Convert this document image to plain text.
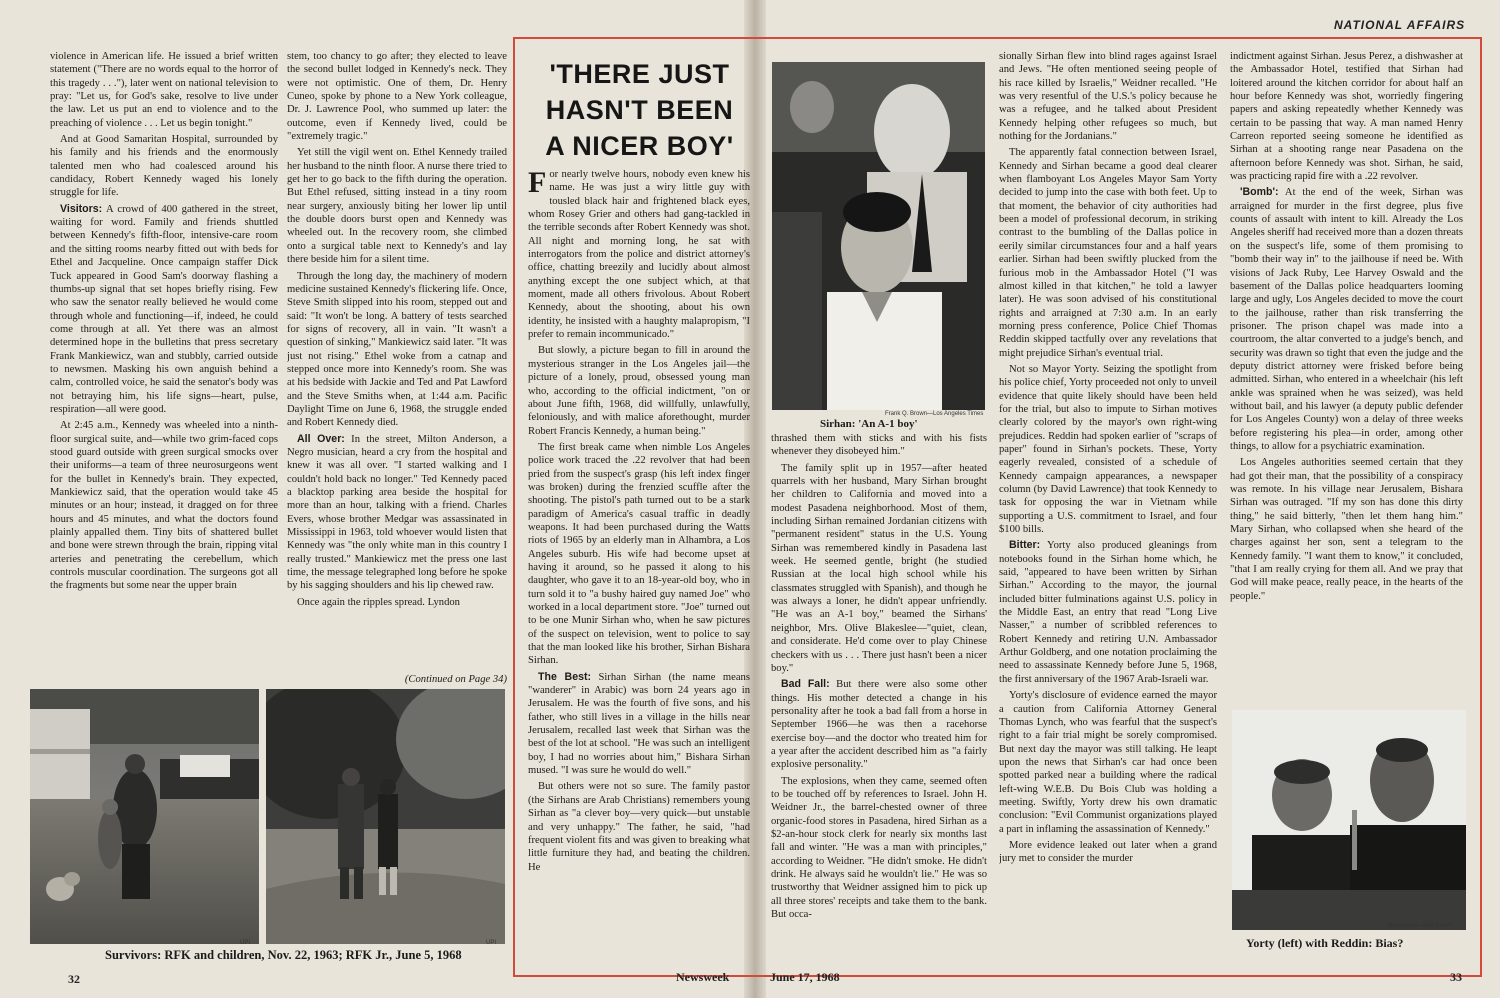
NATIONAL AFFAIRS

violence in American life. He issued a brief written statement ("There are no words equal to the horror of this tragedy . . ."), later went on national television to pray: "Let us, for God's sake, resolve to live under the law. Let us put an end to violence and to the preaching of violence . . . Let us begin tonight."

And at Good Samaritan Hospital, surrounded by his family and his friends and the enormously talented men who had coalesced around his candidacy, Robert Kennedy waged his lonely struggle for life.

Visitors: A crowd of 400 gathered in the street, waiting for word. Family and friends shuttled between Kennedy's fifth-floor, intensive-care room and the sitting rooms nearby fitted out with beds for Ethel and Jacqueline. Once campaign staffer Dick Tuck appeared in Good Sam's doorway flashing a thumbs-up signal that set hopes briefly rising. Few who saw the senator really believed he would come through whole and functioning—if, indeed, he could come through at all. Yet there was an almost determined hope in the bulletins that press secretary Frank Mankiewicz, wan and stubbly, carried outside to newsmen. Masking his own anguish behind a calm, controlled voice, he said the senator's body was not betraying him, his life signs—heart, pulse, respiration—all were good.

At 2:45 a.m., Kennedy was wheeled into a ninth-floor surgical suite, and—while two grim-faced cops stood guard outside with green surgical smocks over their uniforms—a team of three neurosurgeons went for the bullet in Kennedy's brain. They expected, Mankiewicz said, that the operation would take 45 minutes or an hour; instead, it dragged on for three hours and 45 minutes, and what the doctors found plainly appalled them. Tiny bits of shattered bullet and bone were strewn through the brain, ripping vital arteries and penetrating the cerebellum, which controls muscular coordination. The surgeons got all the fragments but some near the upper brain

stem, too chancy to go after; they elected to leave the second bullet lodged in Kennedy's neck. They were not optimistic. One of them, Dr. Henry Cuneo, spoke by phone to a New York colleague, Dr. J. Lawrence Pool, who summed up later: the outcome, even if Kennedy lived, could be "extremely tragic."

Yet still the vigil went on. Ethel Kennedy trailed her husband to the ninth floor. A nurse there tried to get her to go back to the fifth during the operation. But Ethel refused, sitting instead in a tiny room near surgery, anxiously biting her lower lip until the double doors burst open and Kennedy was wheeled out. In the recovery room, she climbed onto a surgical table next to Kennedy's and lay there beside him for a silent time.

Through the long day, the machinery of modern medicine sustained Kennedy's flickering life. Once, Steve Smith slipped into his room, stepped out and said: "It won't be long. A battery of tests searched for signs of recovery, all in vain. "It wasn't a question of sinking," Mankiewicz said later. "It was just not rising." Ethel woke from a catnap and stepped once more into Kennedy's room. She was at his bedside with Jackie and Ted and Pat Lawford and the Steve Smiths when, at 1:44 a.m. Pacific Daylight Time on June 6, 1968, the struggle ended and Robert Kennedy died.

All Over: In the street, Milton Anderson, a Negro musician, heard a cry from the hospital and knew it was all over. "I started walking and I couldn't hold back no longer." Ted Kennedy paced a blacktop parking area beside the hospital for more than an hour, talking with a friend. Charles Evers, whose brother Medgar was assassinated in Mississippi in 1963, told whoever would listen that Kennedy was "the only white man in this country I really trusted." Mankiewicz met the press one last time, the message telegraphed long before he spoke by his sagging shoulders and his lip chewed raw.

Once again the ripples spread. Lyndon

(Continued on Page 34)
UPI	UPI
Survivors: RFK and children, Nov. 22, 1963; RFK Jr., June 5, 1968
32
'THERE JUST
HASN'T BEEN
A NICER BOY'

For nearly twelve hours, nobody even knew his name. He was just a wiry little guy with tousled black hair and frightened black eyes, whom Rosey Grier and others had gang-tackled in the terrible seconds after Robert Kennedy was shot. All night and morning long, he sat with interrogators from the police and district attorney's office, chatting breezily and lucidly about almost anything except the one subject which, at that moment, made all others frivolous. About Robert Kennedy, about the shooting, about his own identity, he insisted with a haughty malapropism, "I prefer to remain incommunicado."

But slowly, a picture began to fill in around the mysterious stranger in the Los Angeles jail—the picture of a lonely, proud, obsessed young man who, according to the official indictment, "on or about June fifth, 1968, did willfully, unlawfully, feloniously, and with malice aforethought, murder Robert Francis Kennedy, a human being."

The first break came when nimble Los Angeles police work traced the .22 revolver that had been pried from the suspect's grasp (his left index finger was broken) during the frenzied scuffle after the shooting. The pistol's path turned out to be a stark paradigm of America's casual traffic in deadly weapons. It had been purchased during the Watts riots of 1965 by an elderly man in Alhambra, a Los Angeles suburb. His wife had become upset at having it around, so he passed it along to his daughter, who gave it to an 18-year-old boy, who in turn sold it to "a bushy haired guy named Joe" who worked in a local department store. "Joe" turned out to be one Munir Sirhan who, when he saw pictures of the suspect on television, went to police to say that the man looked like his brother, Sirhan Bishara Sirhan.

The Best: Sirhan Sirhan (the name means "wanderer" in Arabic) was born 24 years ago in Jerusalem. He was the fourth of five sons, and his father, who still lives in a village in the hills near Jerusalem, recalled last week that Sirhan was the best of the lot at school. "He was such an intelligent boy, I had no worries about him," Bishara Sirhan mused. "I was sure he would do well."

But others were not so sure. The family pastor (the Sirhans are Arab Christians) remembers young Sirhan as "a clever boy—very quick—but unstable and very unhappy." The father, he said, "had frequent violent fits and was given to breaking what little furniture they had, and beating the children. He

thrashed them with sticks and with his fists whenever they disobeyed him."

The family split up in 1957—after heated quarrels with her husband, Mary Sirhan brought her children to California and moved into a modest Pasadena neighborhood. Most of them, including Sirhan remained Jordanian citizens with "permanent resident" status in the U.S. Young Sirhan was remembered kindly in Pasadena last week. He seemed gentle, bright (he studied Russian at the local high school while his classmates struggled with Spanish), and though he was always a loner, he didn't appear unfriendly. "He was an A-1 boy," beamed the Sirhans' neighbor, Mrs. Olive Blakeslee—"quiet, clean, and considerate. He'd come over to play Chinese checkers with us . . . There just hasn't been a nicer boy."

Bad Fall: But there were also some other things. His mother detected a change in his personality after he took a bad fall from a horse in September 1966—he was then a racehorse exercise boy—and the doctor who treated him for a year after the accident described him as "a fairly explosive personality."

The explosions, when they came, seemed often to be touched off by references to Israel. John H. Weidner Jr., the barrel-chested owner of three organic-food stores in Pasadena, hired Sirhan as a $2-an-hour stock clerk for nearly six months last fall and winter. "He was a man with principles," according to Weidner. "He didn't smoke. He didn't drink. He always said he wouldn't lie." He was so trustworthy that Weidner assigned him to pick up all three stores' receipts and take them to the bank. But occa-

sionally Sirhan flew into blind rages against Israel and Jews. "He often mentioned seeing people of his race killed by Israelis," Weidner recalled. "He was very resentful of the U.S.'s policy because he was a refugee, and he talked about President Kennedy helping other refugees so much, but nothing for the Jordanians."

The apparently fatal connection between Israel, Kennedy and Sirhan became a good deal clearer when flamboyant Los Angeles Mayor Sam Yorty decided to jump into the case with both feet. Up to that moment, the behavior of city authorities had been a model of professional decorum, in striking contrast to the bumbling of the Dallas police in eerily similar circumstances four and a half years earlier. Sirhan had been swiftly plucked from the furious mob in the Ambassador Hotel ("I was almost killed in that kitchen," he told a lawyer later). He was soon advised of his constitutional rights and arraigned at 7:30 a.m. In an early morning press conference, Police Chief Thomas Reddin skipped tactfully over any revelations that might prejudice Sirhan's eventual trial.

Not so Mayor Yorty. Seizing the spotlight from his police chief, Yorty proceeded not only to unveil evidence that quite likely should have been held for the trial, but also to impute to Sirhan motives clearly colored by the mayor's own right-wing prejudices. Reddin had spoken earlier of "scraps of paper" found in Sirhan's pockets. These, Yorty eagerly revealed, consisted of a schedule of Kennedy campaign appearances, a newspaper column (by David Lawrence) that took Kennedy to task for opposing the war in Vietnam while supporting a U.S. commitment to Israel, and four $100 bills.

Bitter: Yorty also produced gleanings from notebooks found in the Sirhan home which, he said, "appeared to have been written by Sirhan Sirhan." According to the mayor, the journal included bitter fulminations against U.S. policy in the Middle East, an entry that read "Long Live Nasser," a number of scribbled references to Robert Kennedy and retiring U.N. Ambassador Arthur Goldberg, and one notation proclaiming the need to assassinate Kennedy before June 5, 1968, the first anniversary of the 1967 Arab-Israeli war.

Yorty's disclosure of evidence earned the mayor a caution from California Attorney General Thomas Lynch, who was fearful that the suspect's right to a fair trial might be sorely compromised. But next day the mayor was still talking. He leapt upon the news that Sirhan's car had once been spotted parked near a building where the radical left-wing W.E.B. Du Bois Club was holding a meeting. Swiftly, Yorty drew his own dramatic conclusion: "Evil Communist organizations played a part in inflaming the assassination of Kennedy."

More evidence leaked out later when a grand jury met to consider the murder

indictment against Sirhan. Jesus Perez, a dishwasher at the Ambassador Hotel, testified that Sirhan had loitered around the kitchen corridor for about half an hour before Kennedy was shot, worriedly fingering papers and asking repeatedly whether Kennedy was certain to be passing that way. A man named Henry Carreon reported seeing someone he identified as Sirhan at a shooting range near Pasadena on the afternoon before Kennedy was shot. Sirhan, he said, was practicing rapid fire with a .22 revolver.

'Bomb': At the end of the week, Sirhan was arraigned for murder in the first degree, plus five counts of assault with intent to kill. Already the Los Angeles sheriff had received more than a dozen threats on the suspect's life, some of them promising to "bomb their way in" to the jailhouse if need be. With visions of Jack Ruby, Lee Harvey Oswald and the basement of the Dallas police headquarters looming large and ugly, Los Angeles decided to move the court to the jailhouse, rather than risk transferring the prisoner. The prison chapel was made into a courtroom, the altar converted to a judge's bench, and security was drawn so tight that even the judge and the deputy district attorney were frisked before being admitted. Sirhan, who entered in a wheelchair (his left ankle was sprained when he was seized), was held without bail, and his lawyer (a deputy public defender for Los Angeles County) won a delay of three weeks before registering his plea—in order, among other things, to allow for a psychiatric examination.

Los Angeles authorities seemed certain that they had got their man, that the possibility of a conspiracy was remote. In his village near Jerusalem, Bishara Sirhan was outraged. "If my son has done this dirty thing," he said bitterly, "then let them hang him." Mary Sirhan, who collapsed when she heard of the charges against her son, sent a telegram to the Kennedy family. "I want them to know," it concluded, "that I am really crying for them all. And we pray that God will make peace, really peace, in the hearts of the people."

Frank Q. Brown—Los Angeles Times
Sirhan: 'An A-1 boy'
Newsweek—Bob Grosh
Yorty (left) with Reddin: Bias?
Newsweek	June 17, 1968	33
